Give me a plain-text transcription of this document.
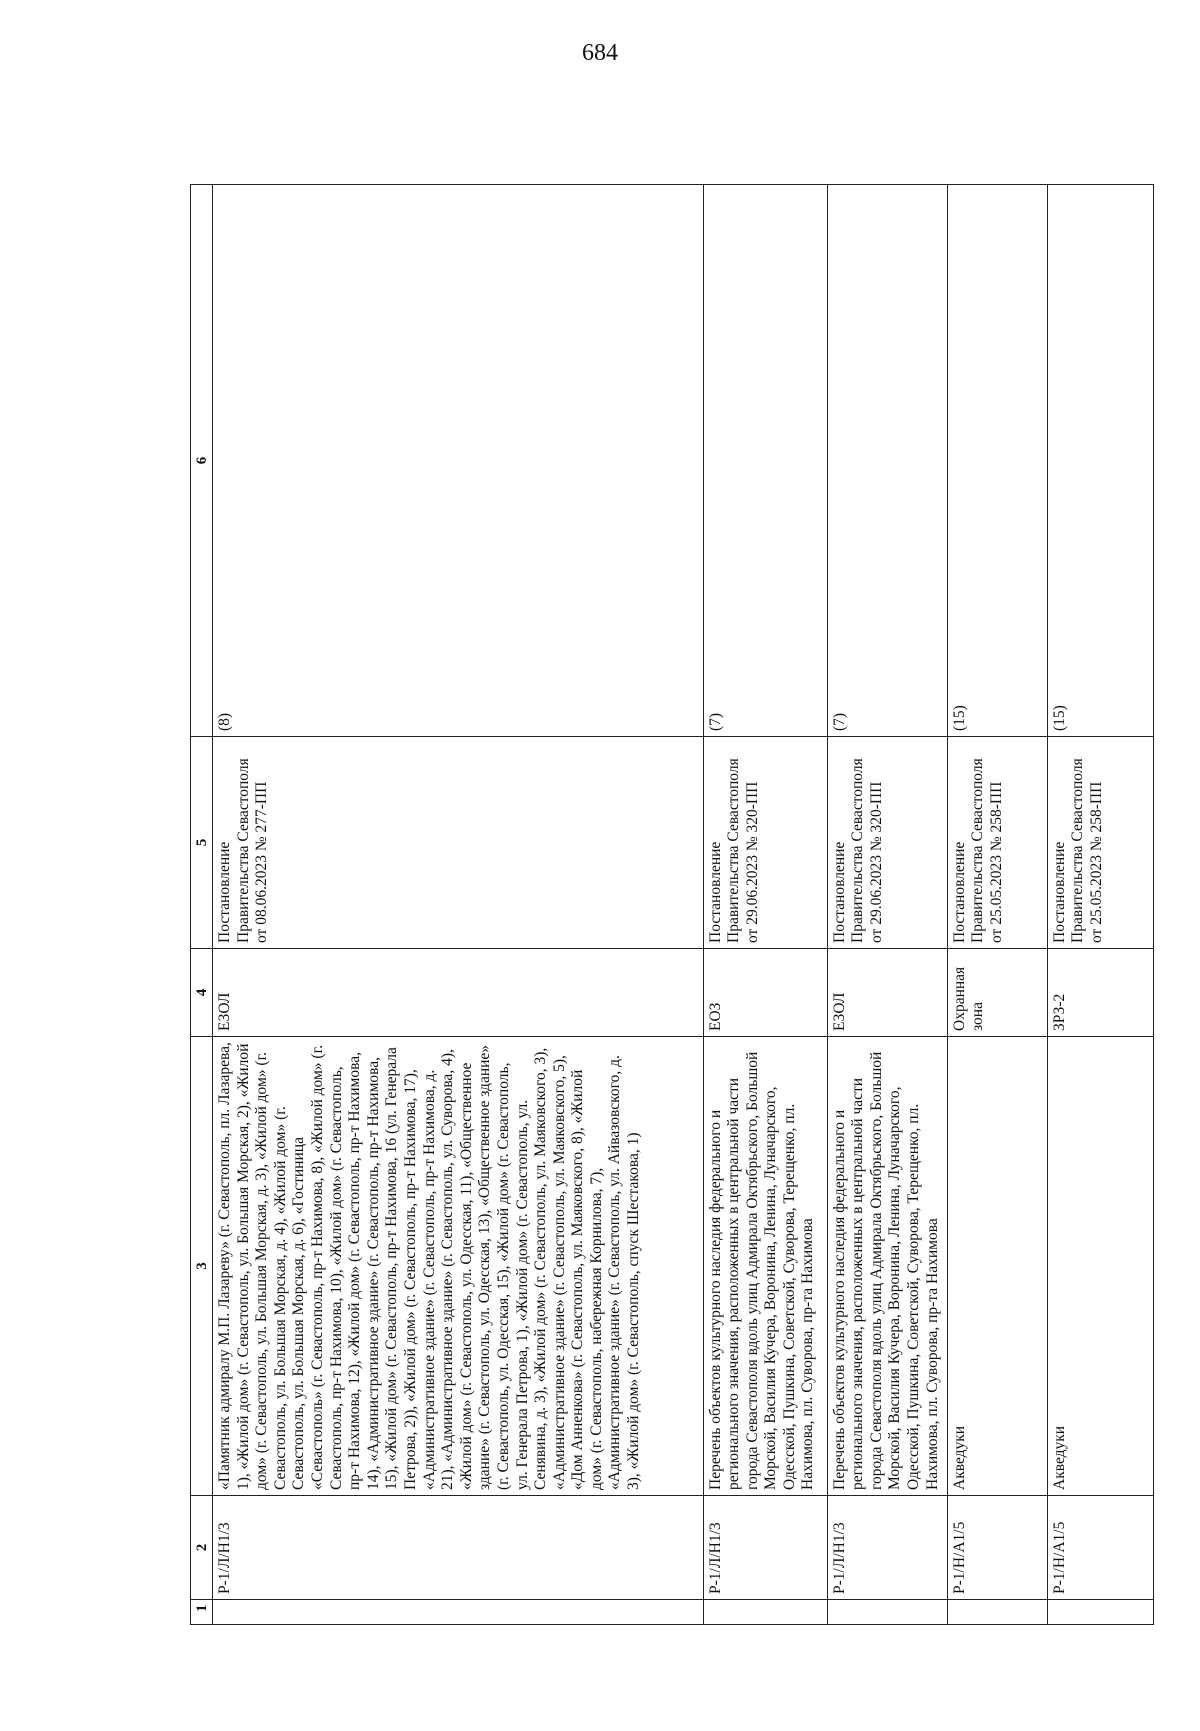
684
1	2	3	4	5	6
	Р-1/Л/Н1/3	«Памятник адмиралу М.П. Лазареву» (г. Севастополь, пл. Лазарева, 1), «Жилой дом» (г. Севастополь, ул. Большая Морская, 2), «Жилой дом» (г. Севастополь, ул. Большая Морская, д. 3), «Жилой дом» (г. Севастополь, ул. Большая Морская, д. 4), «Жилой дом» (г. Севастополь, ул. Большая Морская, д. 6), «Гостиница «Севастополь» (г. Севастополь, пр-т Нахимова, 8), «Жилой дом» (г. Севастополь, пр-т Нахимова, 10), «Жилой дом» (г. Севастополь, пр-т Нахимова, 12), «Жилой дом» (г. Севастополь, пр-т Нахимова, 14), «Административное здание» (г. Севастополь, пр-т Нахимова, 15), «Жилой дом» (г. Севастополь, пр-т Нахимова, 16 (ул. Генерала Петрова, 2)), «Жилой дом» (г. Севастополь, пр-т Нахимова, 17), «Административное здание» (г. Севастополь, пр-т Нахимова, д. 21), «Административное здание» (г. Севастополь, ул. Суворова, 4), «Жилой дом» (г. Севастополь, ул. Одесская, 11), «Общественное здание» (г. Севастополь, ул. Одесская, 13), «Общественное здание» (г. Севастополь, ул. Одесская, 15), «Жилой дом» (г. Севастополь, ул. Генерала Петрова, 1), «Жилой дом» (г. Севастополь, ул. Сенявина, д. 3), «Жилой дом» (г. Севастополь, ул. Маяковского, 3), «Административное здание» (г. Севастополь, ул. Маяковского, 5), «Дом Анненкова» (г. Севастополь, ул. Маяковского, 8), «Жилой дом» (г. Севастополь, набережная Корнилова, 7), «Административное здание» (г. Севастополь, ул. Айвазовского, д. 3), «Жилой дом» (г. Севастополь, спуск Шестакова, 1)	ЕЗОЛ	Постановление Правительства Севастополя от 08.06.2023 № 277-ПП	(8)
	Р-1/Л/Н1/3	Перечень объектов культурного наследия федерального и регионального значения, расположенных в центральной части города Севастополя вдоль улиц Адмирала Октябрьского, Большой Морской, Василия Кучера, Воронина, Ленина, Луначарского, Одесской, Пушкина, Советской, Суворова, Терещенко, пл. Нахимова, пл. Суворова, пр-та Нахимова	ЕОЗ	Постановление Правительства Севастополя от 29.06.2023 № 320-ПП	(7)
	Р-1/Л/Н1/3	Перечень объектов культурного наследия федерального и регионального значения, расположенных в центральной части города Севастополя вдоль улиц Адмирала Октябрьского, Большой Морской, Василия Кучера, Воронина, Ленина, Луначарского, Одесской, Пушкина, Советской, Суворова, Терещенко, пл. Нахимова, пл. Суворова, пр-та Нахимова	ЕЗОЛ	Постановление Правительства Севастополя от 29.06.2023 № 320-ПП	(7)
	Р-1/Н/А1/5	Акведуки	Охранная зона	Постановление Правительства Севастополя от 25.05.2023 № 258-ПП	(15)
	Р-1/Н/А1/5	Акведуки	ЗРЗ-2	Постановление Правительства Севастополя от 25.05.2023 № 258-ПП	(15)
